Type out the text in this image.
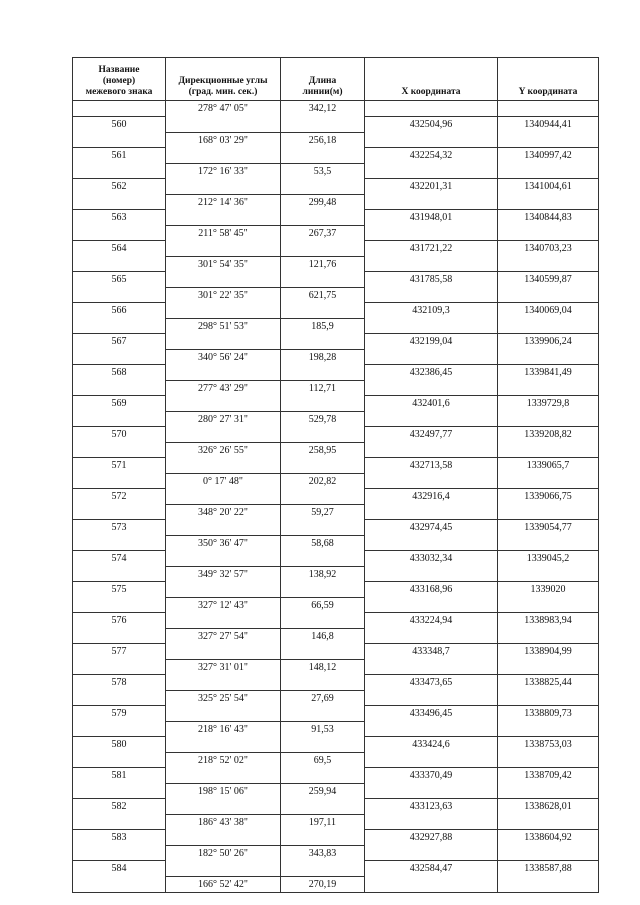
Название
(номер)
межевого знака	Дирекционные углы
(град. мин. сек.)	Длина
линии(м)	X координата	Y координата
	278° 47' 05"	342,12		
560			432504,96	1340944,41
	168° 03' 29"	256,18		
561			432254,32	1340997,42
	172° 16' 33"	53,5		
562			432201,31	1341004,61
	212° 14' 36"	299,48		
563			431948,01	1340844,83
	211° 58' 45"	267,37		
564			431721,22	1340703,23
	301° 54' 35"	121,76		
565			431785,58	1340599,87
	301° 22' 35"	621,75		
566			432109,3	1340069,04
	298° 51' 53"	185,9		
567			432199,04	1339906,24
	340° 56' 24"	198,28		
568			432386,45	1339841,49
	277° 43' 29"	112,71		
569			432401,6	1339729,8
	280° 27' 31"	529,78		
570			432497,77	1339208,82
	326° 26' 55"	258,95		
571			432713,58	1339065,7
	0° 17' 48"	202,82		
572			432916,4	1339066,75
	348° 20' 22"	59,27		
573			432974,45	1339054,77
	350° 36' 47"	58,68		
574			433032,34	1339045,2
	349° 32' 57"	138,92		
575			433168,96	1339020
	327° 12' 43"	66,59		
576			433224,94	1338983,94
	327° 27' 54"	146,8		
577			433348,7	1338904,99
	327° 31' 01"	148,12		
578			433473,65	1338825,44
	325° 25' 54"	27,69		
579			433496,45	1338809,73
	218° 16' 43"	91,53		
580			433424,6	1338753,03
	218° 52' 02"	69,5		
581			433370,49	1338709,42
	198° 15' 06"	259,94		
582			433123,63	1338628,01
	186° 43' 38"	197,11		
583			432927,88	1338604,92
	182° 50' 26"	343,83		
584			432584,47	1338587,88
	166° 52' 42"	270,19		
